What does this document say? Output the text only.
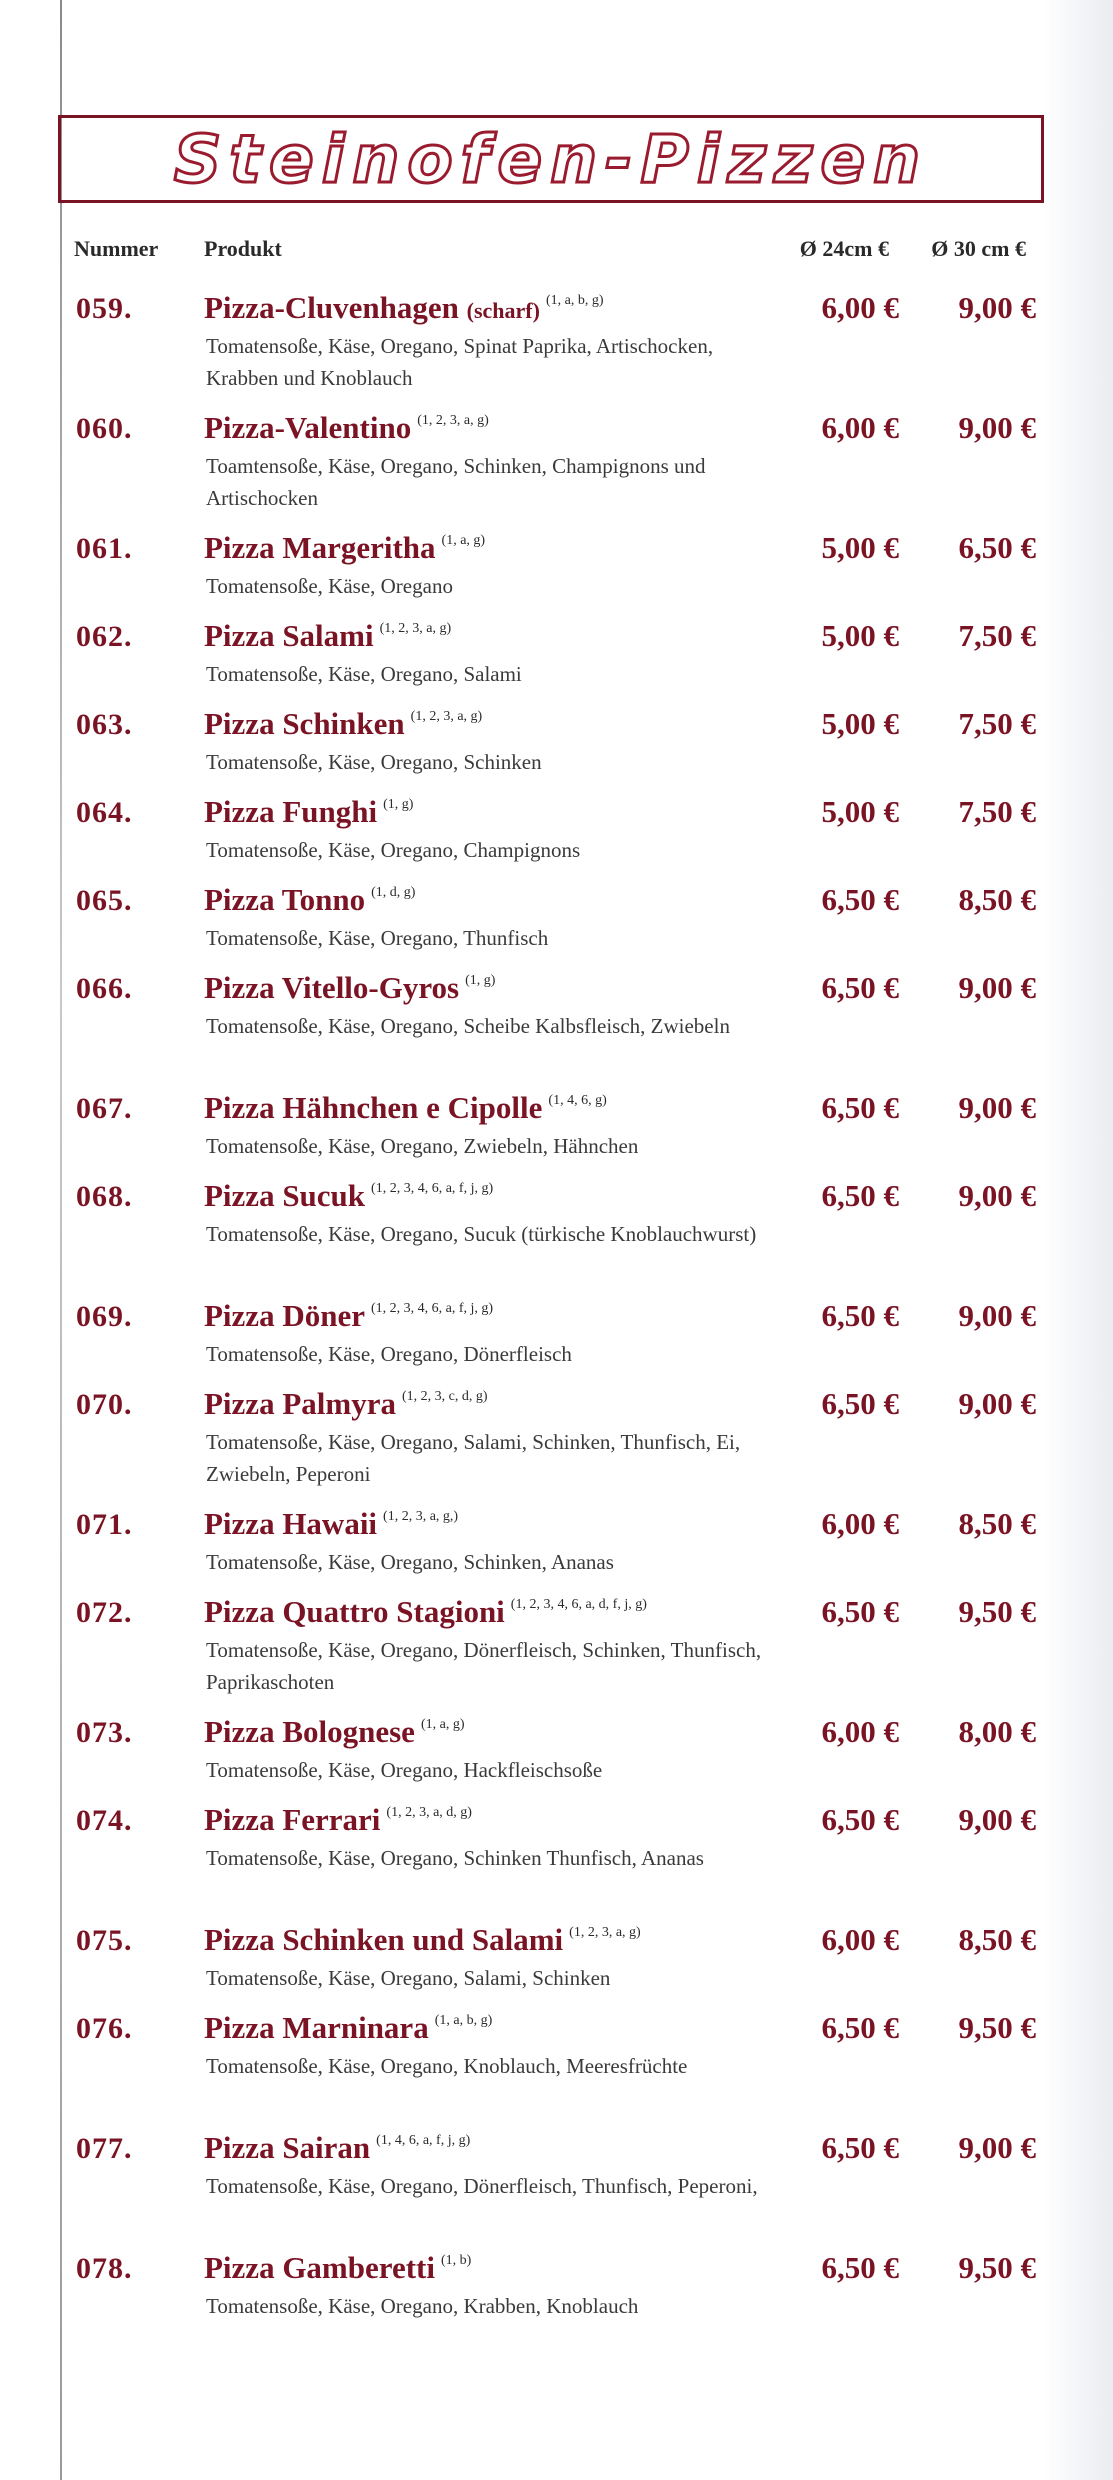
Steinofen-Pizzen
Nummer Produkt	Ø 24cm € Ø 30 cm €
059. Pizza-Cluvenhagen (scharf) $^{(1, a, b, g)}$
Tomatensoße, Käse, Oregano, Spinat Paprika, Artischocken, Krabben und Knoblauch
6,00 € 9,00 €
060. Pizza-Valentino $^{(1, 2, 3, a, g)}$
Toamtensoße, Käse, Oregano, Schinken, Champignons und Artischocken
6,00 € 9,00 €
061. Pizza Margeritha $^{(1, a, g)}$
Tomatensoße, Käse, Oregano
5,00 € 6,50 €
062. Pizza Salami $^{(1, 2, 3, a, g)}$
Tomatensoße, Käse, Oregano, Salami
5,00 € 7,50 €
063. Pizza Schinken $^{(1, 2, 3, a, g)}$
Tomatensoße, Käse, Oregano, Schinken
5,00 € 7,50 €
064. Pizza Funghi $^{(1, g)}$
Tomatensoße, Käse, Oregano, Champignons
5,00 € 7,50 €
065. Pizza Tonno $^{(1, d, g)}$
Tomatensoße, Käse, Oregano, Thunfisch
6,50 € 8,50 €
066. Pizza Vitello-Gyros $^{(1, g)}$
Tomatensoße, Käse, Oregano, Scheibe Kalbsfleisch, Zwiebeln
6,50 € 9,00 €
067. Pizza Hähnchen e Cipolle $^{(1, 4, 6, g)}$
Tomatensoße, Käse, Oregano, Zwiebeln, Hähnchen
6,50 € 9,00 €
068. Pizza Sucuk $^{(1, 2, 3, 4, 6, a, f, j, g)}$
Tomatensoße, Käse, Oregano, Sucuk (türkische Knoblauchwurst)
6,50 € 9,00 €
069. Pizza Döner $^{(1, 2, 3, 4, 6, a, f, j, g)}$
Tomatensoße, Käse, Oregano, Dönerfleisch
6,50 € 9,00 €
070. Pizza Palmyra $^{(1, 2, 3, c, d, g)}$
Tomatensoße, Käse, Oregano, Salami, Schinken, Thunfisch, Ei, Zwiebeln, Peperoni
6,50 € 9,00 €
071. Pizza Hawaii $^{(1, 2, 3, a, g,)}$
Tomatensoße, Käse, Oregano, Schinken, Ananas
6,00 € 8,50 €
072. Pizza Quattro Stagioni $^{(1, 2, 3, 4, 6, a, d, f, j, g)}$
Tomatensoße, Käse, Oregano, Dönerfleisch, Schinken, Thunfisch, Paprikaschoten
6,50 € 9,50 €
073. Pizza Bolognese $^{(1, a, g)}$
Tomatensoße, Käse, Oregano, Hackfleischsoße
6,00 € 8,00 €
074. Pizza Ferrari $^{(1, 2, 3, a, d, g)}$
Tomatensoße, Käse, Oregano, Schinken Thunfisch, Ananas
6,50 € 9,00 €
075. Pizza Schinken und Salami $^{(1, 2, 3, a, g)}$
Tomatensoße, Käse, Oregano, Salami, Schinken
6,00 € 8,50 €
076. Pizza Marninara $^{(1, a, b, g)}$
Tomatensoße, Käse, Oregano, Knoblauch, Meeresfrüchte
6,50 € 9,50 €
077. Pizza Sairan $^{(1, 4, 6, a, f, j, g)}$
Tomatensoße, Käse, Oregano, Dönerfleisch, Thunfisch, Peperoni,
6,50 € 9,00 €
078. Pizza Gamberetti $^{(1, b)}$
Tomatensoße, Käse, Oregano, Krabben, Knoblauch
6,50 € 9,50 €
